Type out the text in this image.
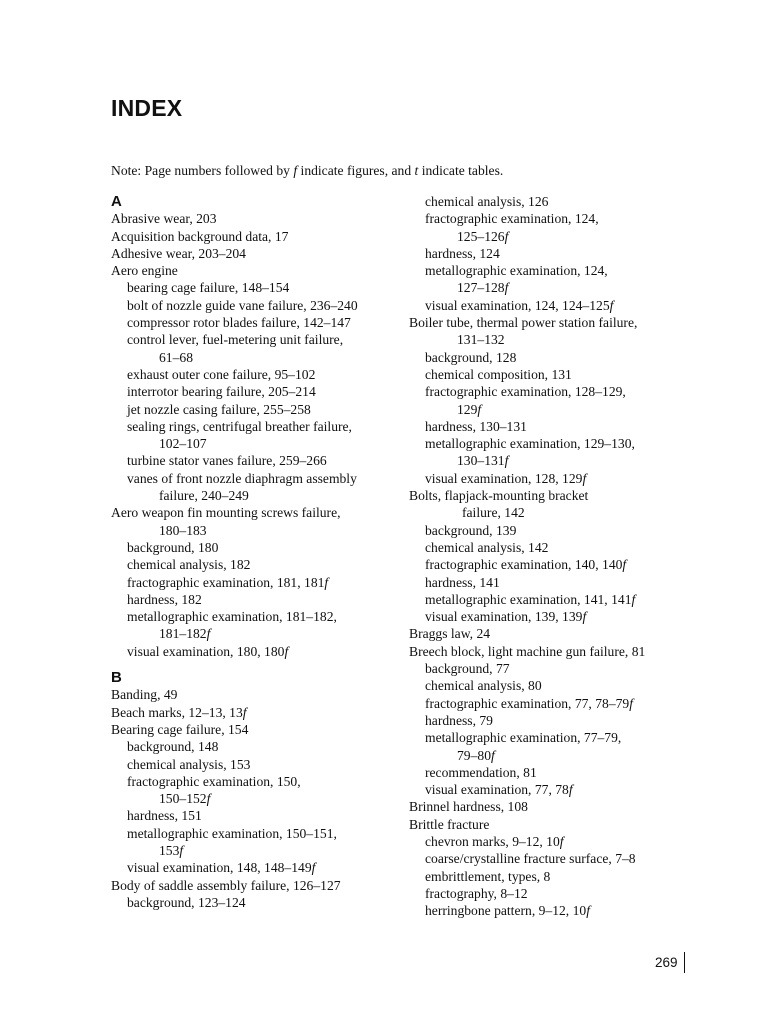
INDEX
Note: Page numbers followed by f indicate figures, and t indicate tables.
A
Abrasive wear, 203
Acquisition background data, 17
Adhesive wear, 203–204
Aero engine
bearing cage failure, 148–154
bolt of nozzle guide vane failure, 236–240
compressor rotor blades failure, 142–147
control lever, fuel-metering unit failure,
61–68
exhaust outer cone failure, 95–102
interrotor bearing failure, 205–214
jet nozzle casing failure, 255–258
sealing rings, centrifugal breather failure,
102–107
turbine stator vanes failure, 259–266
vanes of front nozzle diaphragm assembly
failure, 240–249
Aero weapon fin mounting screws failure,
180–183
background, 180
chemical analysis, 182
fractographic examination, 181, 181f
hardness, 182
metallographic examination, 181–182,
181–182f
visual examination, 180, 180f
B
Banding, 49
Beach marks, 12–13, 13f
Bearing cage failure, 154
background, 148
chemical analysis, 153
fractographic examination, 150,
150–152f
hardness, 151
metallographic examination, 150–151,
153f
visual examination, 148, 148–149f
Body of saddle assembly failure, 126–127
background, 123–124
chemical analysis, 126
fractographic examination, 124,
125–126f
hardness, 124
metallographic examination, 124,
127–128f
visual examination, 124, 124–125f
Boiler tube, thermal power station failure,
131–132
background, 128
chemical composition, 131
fractographic examination, 128–129,
129f
hardness, 130–131
metallographic examination, 129–130,
130–131f
visual examination, 128, 129f
Bolts, flapjack-mounting bracket
failure, 142
background, 139
chemical analysis, 142
fractographic examination, 140, 140f
hardness, 141
metallographic examination, 141, 141f
visual examination, 139, 139f
Braggs law, 24
Breech block, light machine gun failure, 81
background, 77
chemical analysis, 80
fractographic examination, 77, 78–79f
hardness, 79
metallographic examination, 77–79,
79–80f
recommendation, 81
visual examination, 77, 78f
Brinnel hardness, 108
Brittle fracture
chevron marks, 9–12, 10f
coarse/crystalline fracture surface, 7–8
embrittlement, types, 8
fractography, 8–12
herringbone pattern, 9–12, 10f
269
